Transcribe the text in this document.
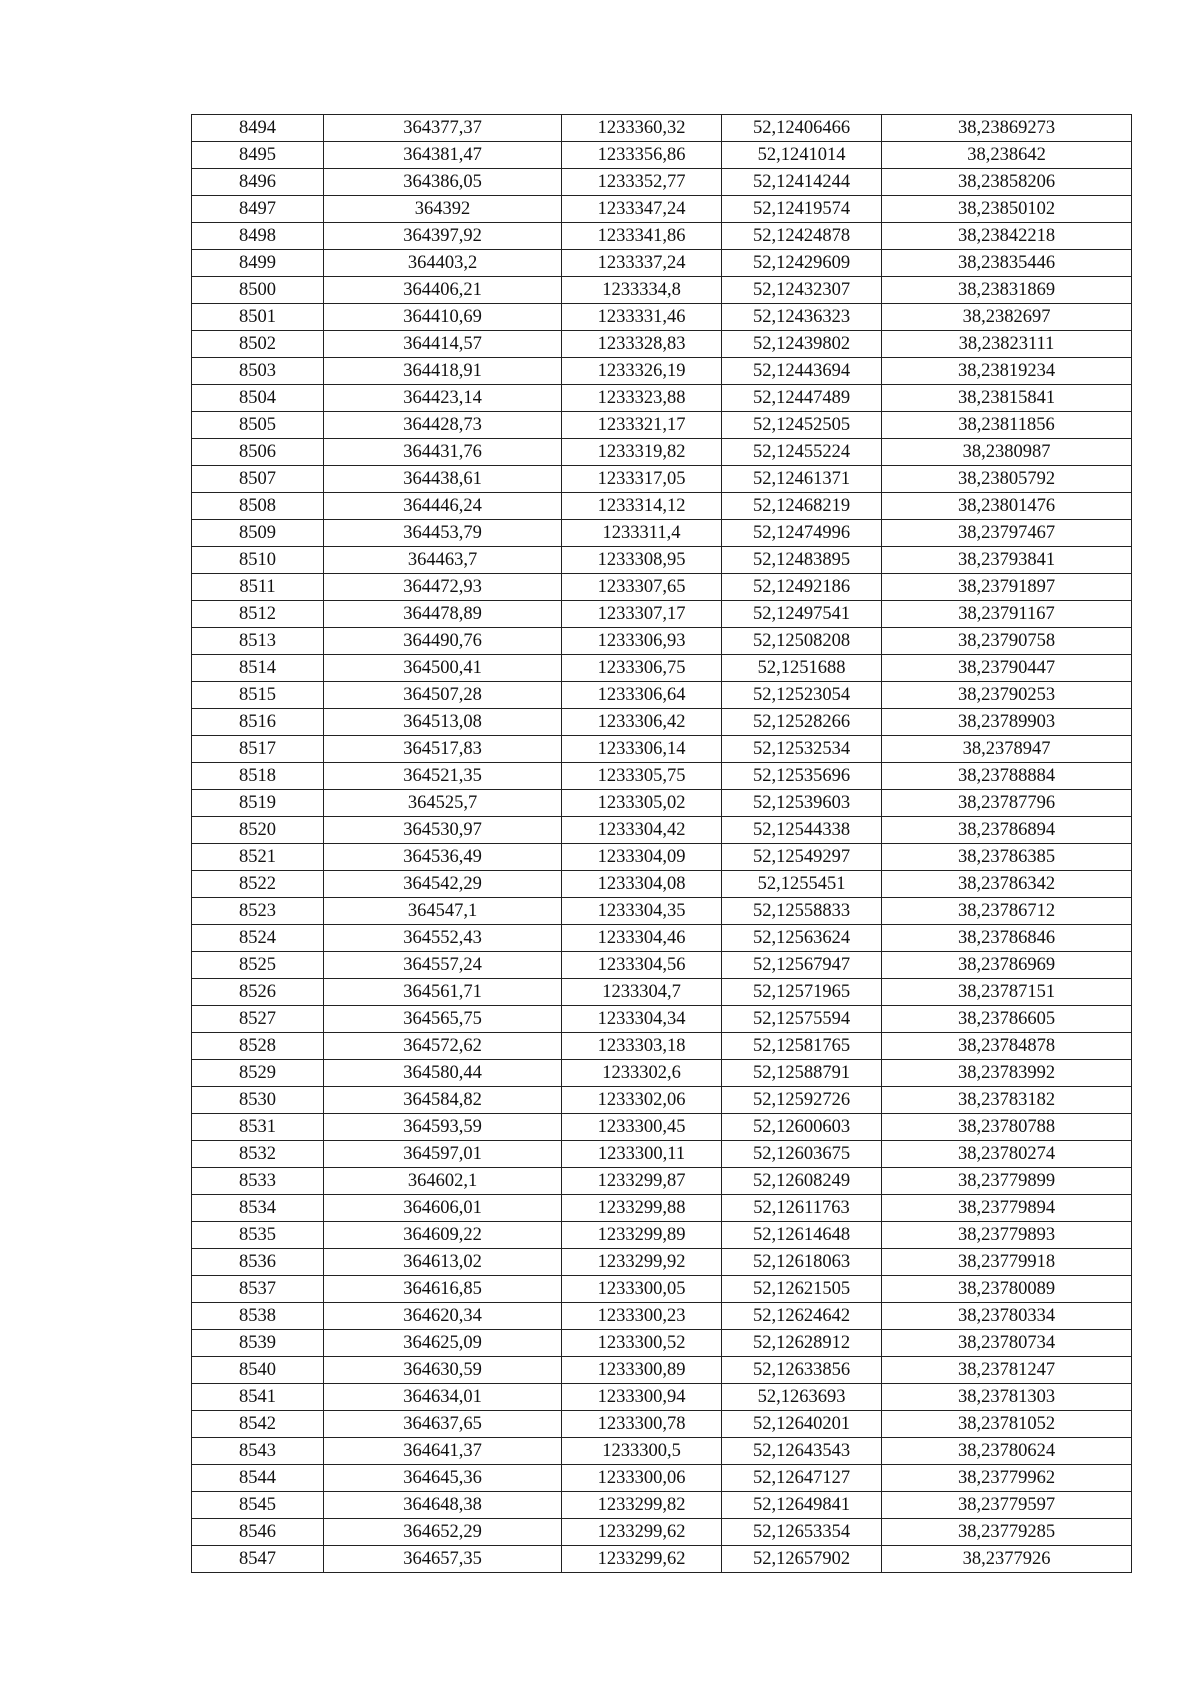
8494	364377,37	1233360,32	52,12406466	38,23869273
8495	364381,47	1233356,86	52,1241014	38,238642
8496	364386,05	1233352,77	52,12414244	38,23858206
8497	364392	1233347,24	52,12419574	38,23850102
8498	364397,92	1233341,86	52,12424878	38,23842218
8499	364403,2	1233337,24	52,12429609	38,23835446
8500	364406,21	1233334,8	52,12432307	38,23831869
8501	364410,69	1233331,46	52,12436323	38,2382697
8502	364414,57	1233328,83	52,12439802	38,23823111
8503	364418,91	1233326,19	52,12443694	38,23819234
8504	364423,14	1233323,88	52,12447489	38,23815841
8505	364428,73	1233321,17	52,12452505	38,23811856
8506	364431,76	1233319,82	52,12455224	38,2380987
8507	364438,61	1233317,05	52,12461371	38,23805792
8508	364446,24	1233314,12	52,12468219	38,23801476
8509	364453,79	1233311,4	52,12474996	38,23797467
8510	364463,7	1233308,95	52,12483895	38,23793841
8511	364472,93	1233307,65	52,12492186	38,23791897
8512	364478,89	1233307,17	52,12497541	38,23791167
8513	364490,76	1233306,93	52,12508208	38,23790758
8514	364500,41	1233306,75	52,1251688	38,23790447
8515	364507,28	1233306,64	52,12523054	38,23790253
8516	364513,08	1233306,42	52,12528266	38,23789903
8517	364517,83	1233306,14	52,12532534	38,2378947
8518	364521,35	1233305,75	52,12535696	38,23788884
8519	364525,7	1233305,02	52,12539603	38,23787796
8520	364530,97	1233304,42	52,12544338	38,23786894
8521	364536,49	1233304,09	52,12549297	38,23786385
8522	364542,29	1233304,08	52,1255451	38,23786342
8523	364547,1	1233304,35	52,12558833	38,23786712
8524	364552,43	1233304,46	52,12563624	38,23786846
8525	364557,24	1233304,56	52,12567947	38,23786969
8526	364561,71	1233304,7	52,12571965	38,23787151
8527	364565,75	1233304,34	52,12575594	38,23786605
8528	364572,62	1233303,18	52,12581765	38,23784878
8529	364580,44	1233302,6	52,12588791	38,23783992
8530	364584,82	1233302,06	52,12592726	38,23783182
8531	364593,59	1233300,45	52,12600603	38,23780788
8532	364597,01	1233300,11	52,12603675	38,23780274
8533	364602,1	1233299,87	52,12608249	38,23779899
8534	364606,01	1233299,88	52,12611763	38,23779894
8535	364609,22	1233299,89	52,12614648	38,23779893
8536	364613,02	1233299,92	52,12618063	38,23779918
8537	364616,85	1233300,05	52,12621505	38,23780089
8538	364620,34	1233300,23	52,12624642	38,23780334
8539	364625,09	1233300,52	52,12628912	38,23780734
8540	364630,59	1233300,89	52,12633856	38,23781247
8541	364634,01	1233300,94	52,1263693	38,23781303
8542	364637,65	1233300,78	52,12640201	38,23781052
8543	364641,37	1233300,5	52,12643543	38,23780624
8544	364645,36	1233300,06	52,12647127	38,23779962
8545	364648,38	1233299,82	52,12649841	38,23779597
8546	364652,29	1233299,62	52,12653354	38,23779285
8547	364657,35	1233299,62	52,12657902	38,2377926
